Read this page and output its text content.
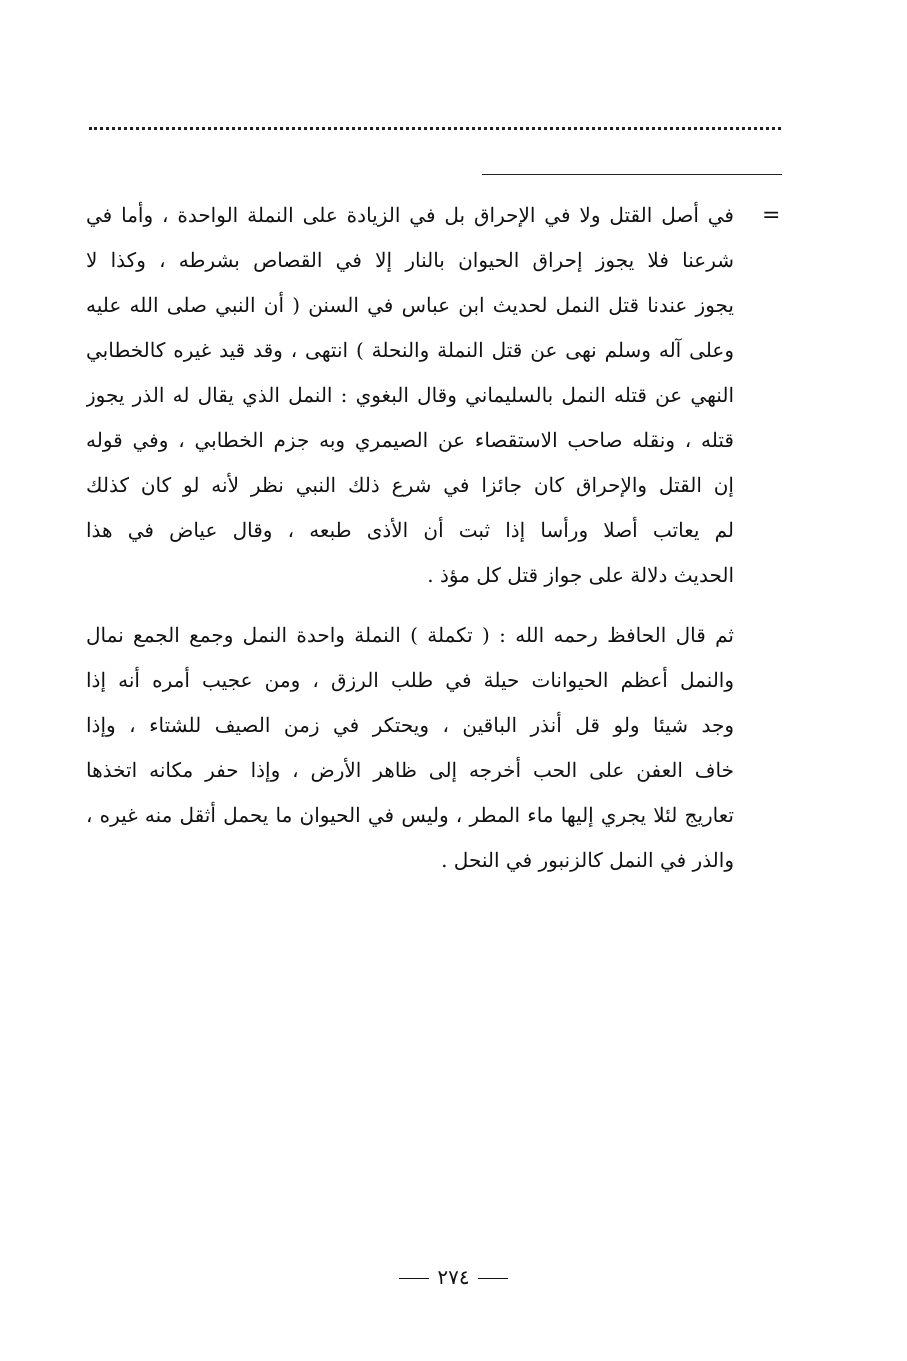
=
في أصل القتل ولا في الإحراق بل في الزيادة على النملة الواحدة ، وأما في
شرعنا فلا يجوز إحراق الحيوان بالنار إلا في القصاص بشرطه ، وكذا لا
يجوز عندنا قتل النمل لحديث ابن عباس في السنن ( أن النبي صلى الله عليه
وعلى آله وسلم نهى عن قتل النملة والنحلة ) انتهى ، وقد قيد غيره كالخطابي
النهي عن قتله النمل بالسليماني وقال البغوي : النمل الذي يقال له الذر يجوز
قتله ، ونقله صاحب الاستقصاء عن الصيمري وبه جزم الخطابي ، وفي قوله
إن القتل والإحراق كان جائزا في شرع ذلك النبي نظر لأنه لو كان كذلك
لم يعاتب أصلا ورأسا إذا ثبت أن الأذى طبعه ، وقال عياض في هذا
الحديث دلالة على جواز قتل كل مؤذ .
ثم قال الحافظ رحمه الله : ( تكملة ) النملة واحدة النمل وجمع الجمع نمال
والنمل أعظم الحيوانات حيلة في طلب الرزق ، ومن عجيب أمره أنه إذا
وجد شيئا ولو قل أنذر الباقين ، ويحتكر في زمن الصيف للشتاء ، وإذا
خاف العفن على الحب أخرجه إلى ظاهر الأرض ، وإذا حفر مكانه اتخذها
تعاريج لئلا يجري إليها ماء المطر ، وليس في الحيوان ما يحمل أثقل منه غيره ،
والذر في النمل كالزنبور في النحل .
٢٧٤
